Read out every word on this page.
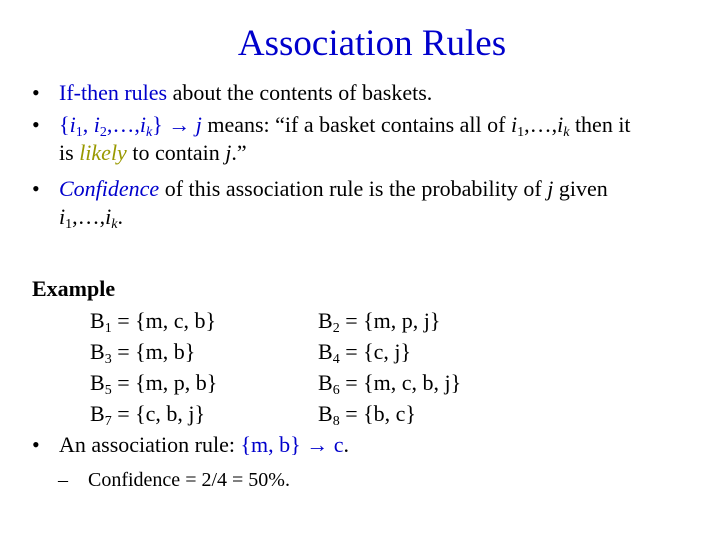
Association Rules
• If-then rules about the contents of baskets.
• {$i_1$, $i_2,\dots,i_k\} \to j$ means: “if a basket contains all of $i_1,\dots,i_k$ then it
is likely to contain j.”
• Confidence of this association rule is the probability of j given
$i_1,\dots,i_k$.
Example
$B_1 = \{m$, c, b}	$B_2 = \{m$, p, j}
$B_3 = \{m$, b}	$B_4 = \{c$, j}
$B_5 = \{m$, p, b}	$B_6 = \{m$, c, b, j}
$B_7 = \{c$, b, j}	$B_8 = \{b$, c}
• An association rule: {m, b} → c.
– Confidence = 2/4 = 50%.
